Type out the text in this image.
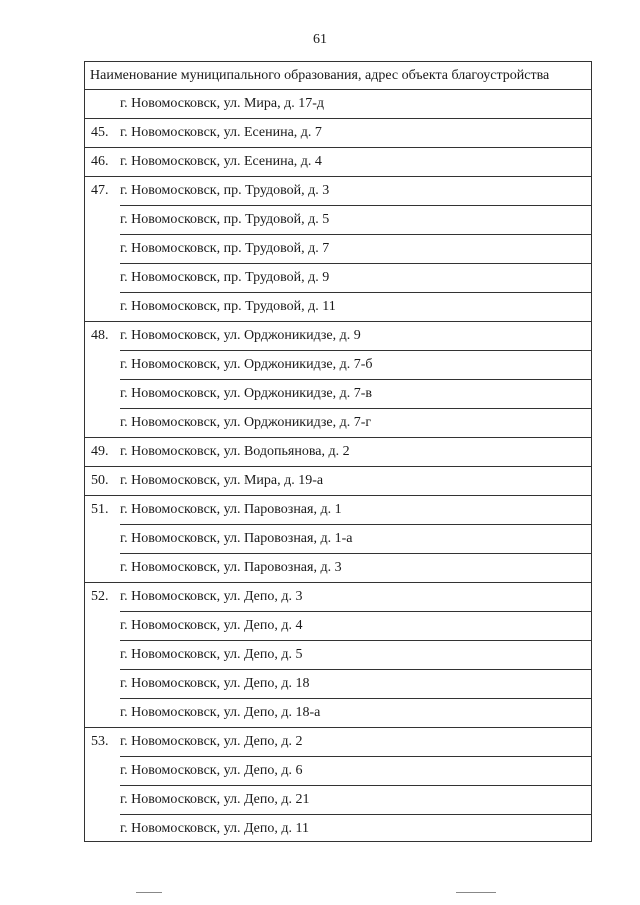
61
Наименование муниципального образования, адрес объекта благоустройства
г. Новомосковск, ул. Мира, д. 17-д
45. г. Новомосковск, ул. Есенина, д. 7
46. г. Новомосковск, ул. Есенина, д. 4
47. г. Новомосковск, пр. Трудовой, д. 3
г. Новомосковск, пр. Трудовой, д. 5
г. Новомосковск, пр. Трудовой, д. 7
г. Новомосковск, пр. Трудовой, д. 9
г. Новомосковск, пр. Трудовой, д. 11
48. г. Новомосковск, ул. Орджоникидзе, д. 9
г. Новомосковск, ул. Орджоникидзе, д. 7-б
г. Новомосковск, ул. Орджоникидзе, д. 7-в
г. Новомосковск, ул. Орджоникидзе, д. 7-г
49. г. Новомосковск, ул. Водопьянова, д. 2
50. г. Новомосковск, ул. Мира, д. 19-а
51. г. Новомосковск, ул. Паровозная, д. 1
г. Новомосковск, ул. Паровозная, д. 1-а
г. Новомосковск, ул. Паровозная, д. 3
52. г. Новомосковск, ул. Депо, д. 3
г. Новомосковск, ул. Депо, д. 4
г. Новомосковск, ул. Депо, д. 5
г. Новомосковск, ул. Депо, д. 18
г. Новомосковск, ул. Депо, д. 18-а
53. г. Новомосковск, ул. Депо, д. 2
г. Новомосковск, ул. Депо, д. 6
г. Новомосковск, ул. Депо, д. 21
г. Новомосковск, ул. Депо, д. 11
